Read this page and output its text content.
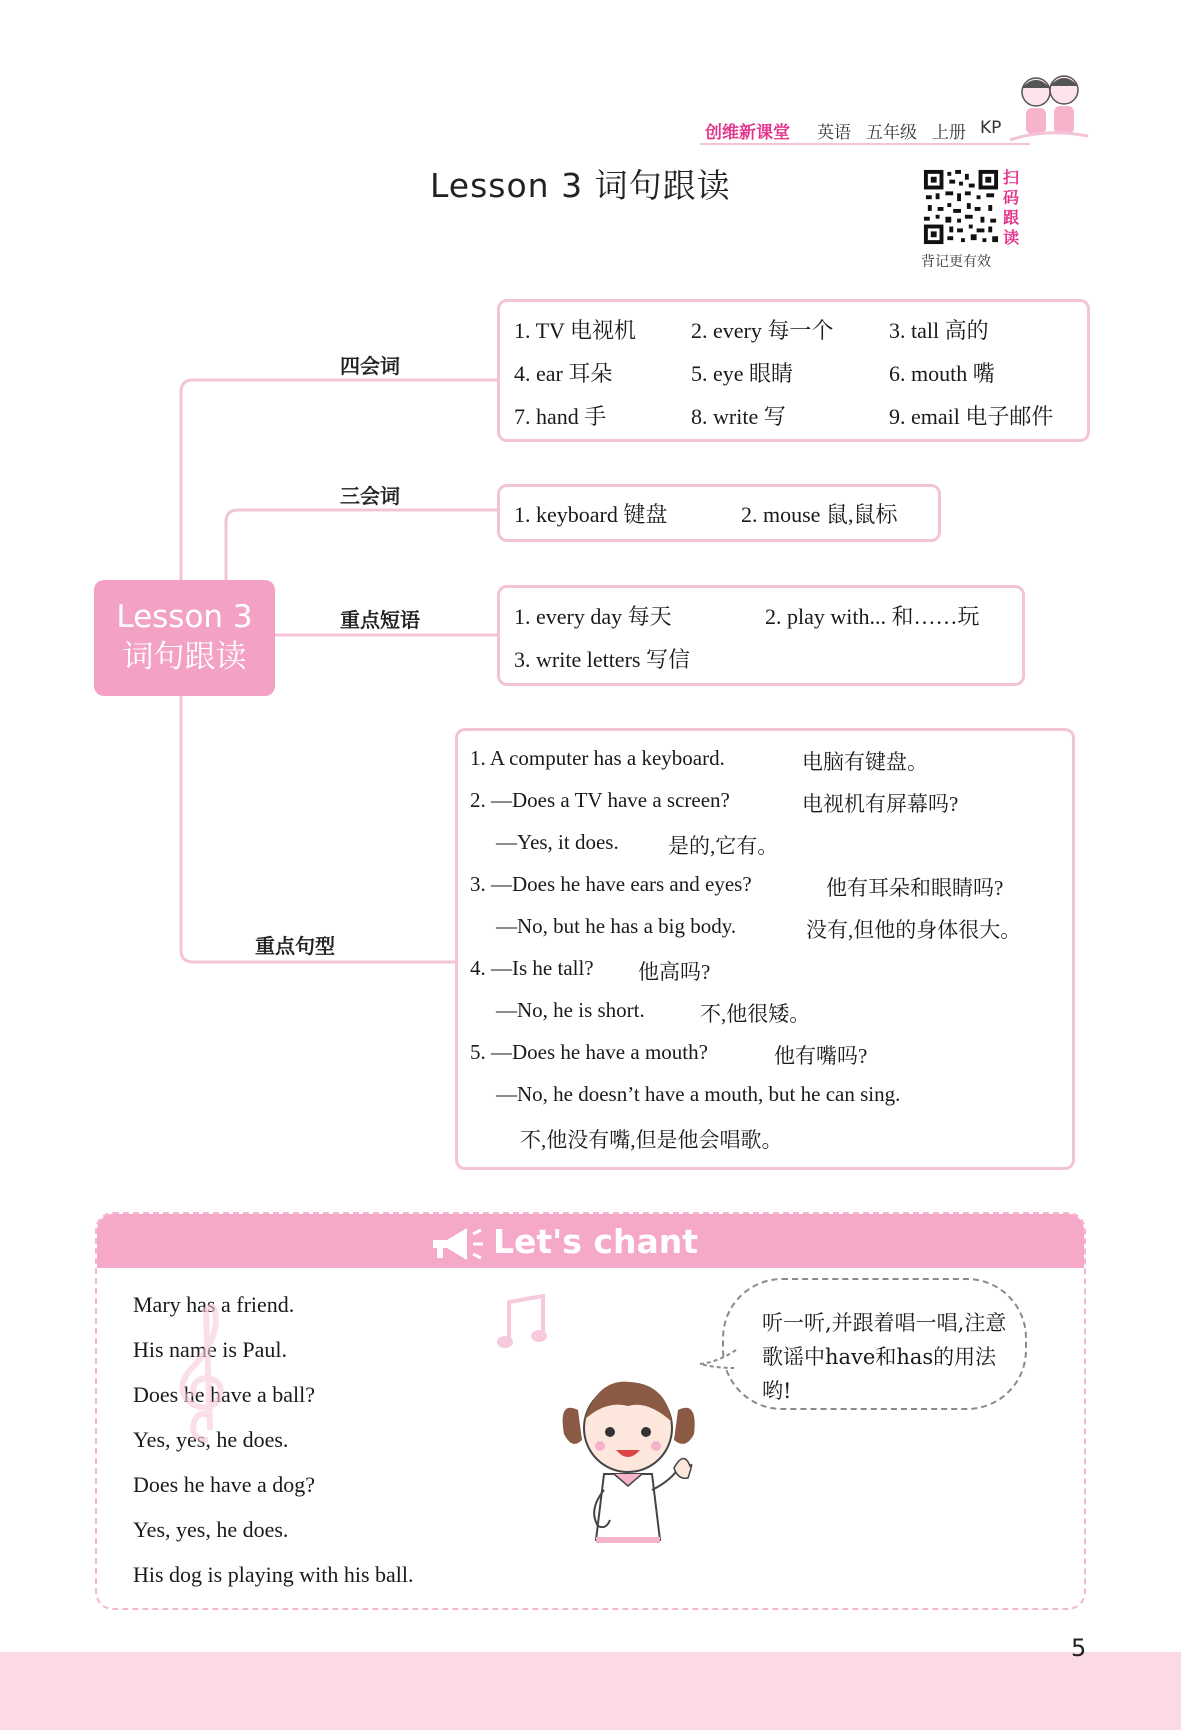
创维新课堂 英语 五年级 上册 KP
Lesson 3 词句跟读	扫码跟读
背记更有效
Lesson 3
词句跟读
四会词
三会词
重点短语
重点句型
1. TV 电视机 2. every 每一个	3. tall 高的
4. ear 耳朵	5. eye 眼睛	6. mouth 嘴
7. hand 手	8. write 写	9. email 电子邮件
1. keyboard 键盘	2. mouse 鼠,鼠标
1. every day 每天	2. play with... 和……玩
3. write letters 写信
1. A computer has a keyboard.	电脑有键盘。
2. —Does a TV have a screen?	电视机有屏幕吗?
—Yes, it does. 是的,它有。
3. —Does he have ears and eyes?	他有耳朵和眼睛吗?
—No, but he has a big body.	没有,但他的身体很大。
4. —Is he tall? 他高吗?
—No, he is short.	不,他很矮。
5. —Does he have a mouth?	他有嘴吗?
—No, he doesn’t have a mouth, but he can sing.
不,他没有嘴,但是他会唱歌。
Let's chant
Mary has a friend.
His name is Paul.
Does he have a ball?
Yes, yes, he does.
Does he have a dog?
Yes, yes, he does.
His dog is playing with his ball.
听一听,并跟着唱一唱,注意歌谣中have和has的用法哟!
5
